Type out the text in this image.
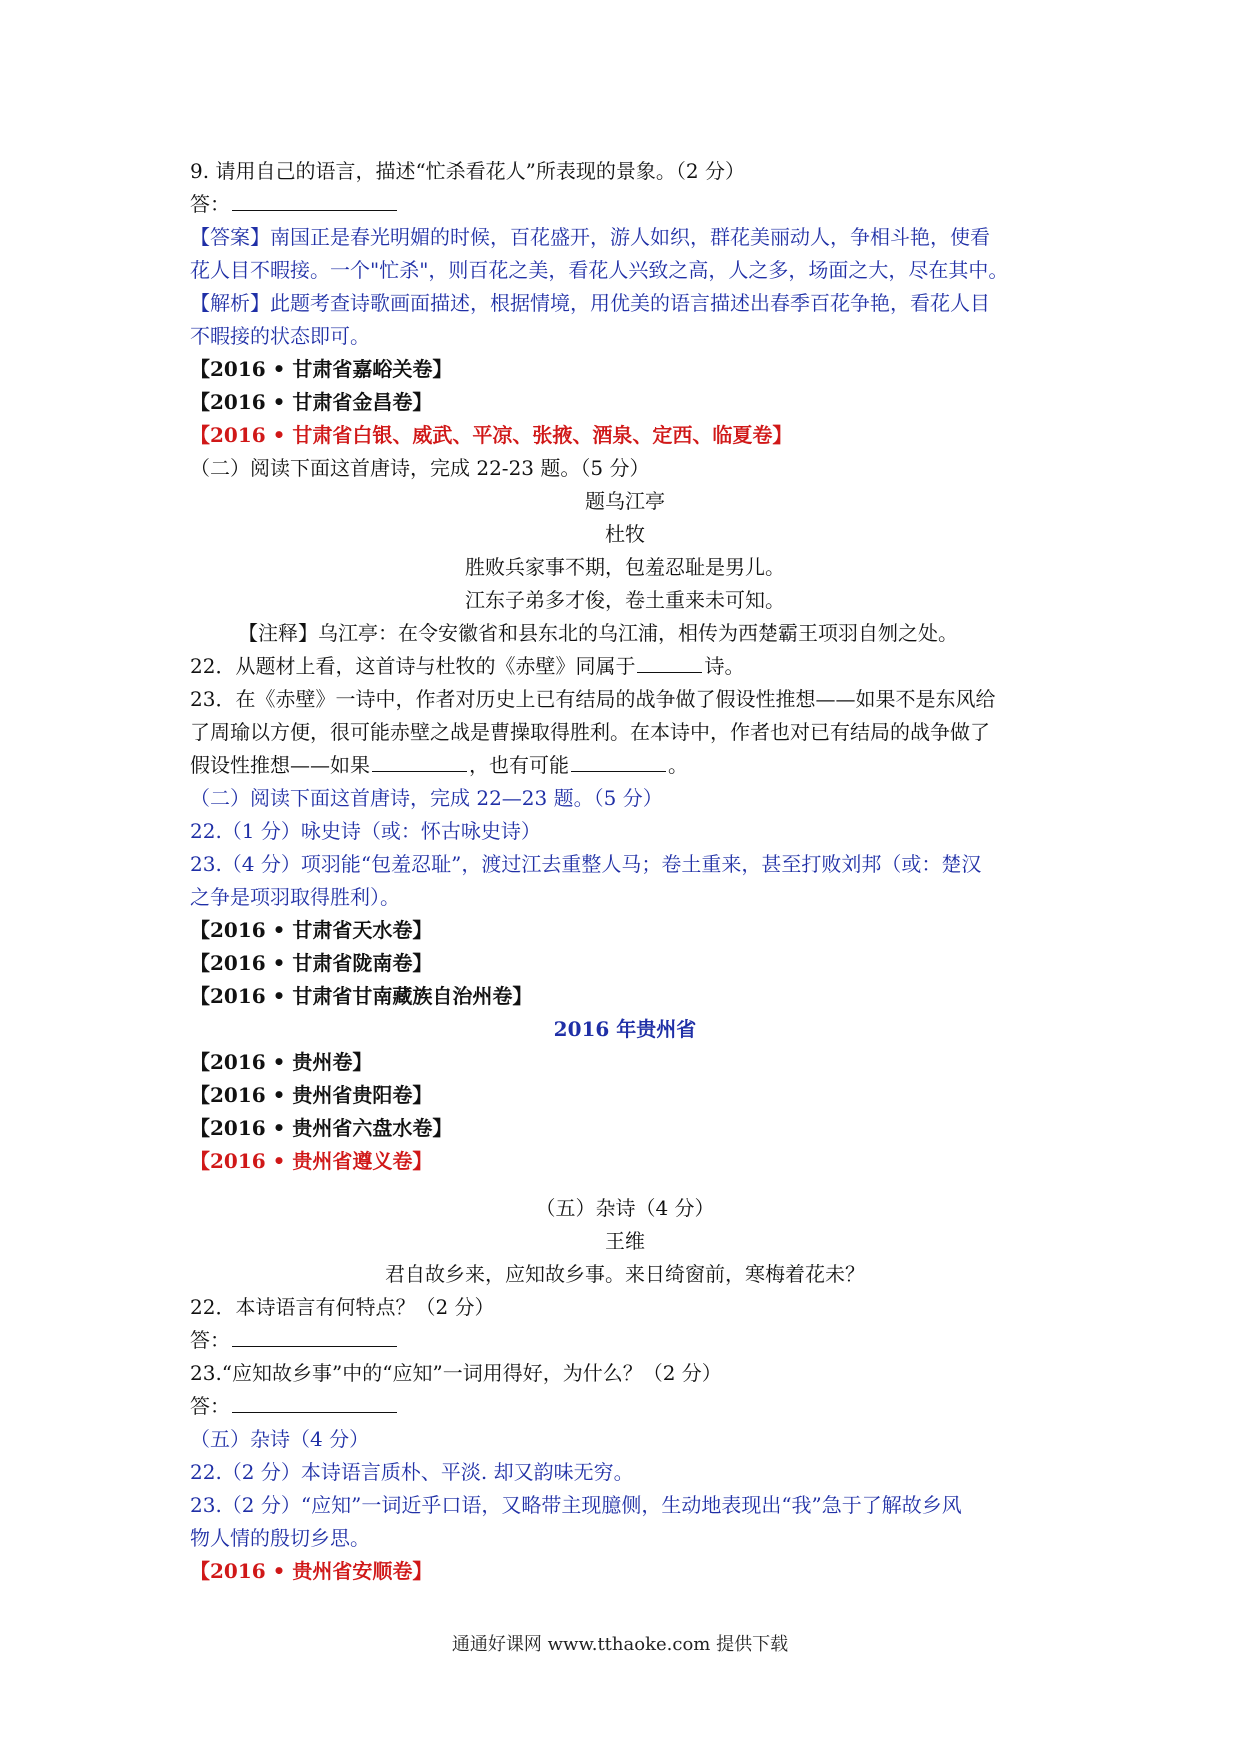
9. 请用自己的语言，描述“忙杀看花人”所表现的景象。（2 分）
答：
【答案】南国正是春光明媚的时候，百花盛开，游人如织，群花美丽动人，争相斗艳，使看
花人目不暇接。一个"忙杀"，则百花之美，看花人兴致之高，人之多，场面之大，尽在其中。
【解析】此题考查诗歌画面描述，根据情境，用优美的语言描述出春季百花争艳，看花人目
不暇接的状态即可。
【2016 • 甘肃省嘉峪关卷】
【2016 • 甘肃省金昌卷】
【2016 • 甘肃省白银、威武、平凉、张掖、酒泉、定西、临夏卷】
（二）阅读下面这首唐诗，完成 22-23 题。（5 分）
题乌江亭
杜牧
胜败兵家事不期，包羞忍耻是男儿。
江东子弟多才俊，卷土重来未可知。
【注释】乌江亭：在令安徽省和县东北的乌江浦，相传为西楚霸王项羽自刎之处。
22．从题材上看，这首诗与杜牧的《赤壁》同属于	诗。
23．在《赤壁》一诗中，作者对历史上已有结局的战争做了假设性推想——如果不是东风给
了周瑜以方便，很可能赤壁之战是曹操取得胜利。在本诗中，作者也对已有结局的战争做了
假设性推想——如果	，也有可能	。
（二）阅读下面这首唐诗，完成 22—23 题。（5 分）
22.（1 分）咏史诗（或：怀古咏史诗）
23.（4 分）项羽能“包羞忍耻”，渡过江去重整人马；卷土重来，甚至打败刘邦（或：楚汉
之争是项羽取得胜利）。
【2016 • 甘肃省天水卷】
【2016 • 甘肃省陇南卷】
【2016 • 甘肃省甘南藏族自治州卷】
2016 年贵州省
【2016 • 贵州卷】
【2016 • 贵州省贵阳卷】
【2016 • 贵州省六盘水卷】
【2016 • 贵州省遵义卷】
（五）杂诗（4 分）
王维
君自故乡来，应知故乡事。来日绮窗前，寒梅着花未？
22．本诗语言有何特点？（2 分）
答：
23.“应知故乡事”中的“应知”一词用得好，为什么？（2 分）
答：
（五）杂诗（4 分）
22.（2 分）本诗语言质朴、平淡. 却又韵味无穷。
23.（2 分）“应知”一词近乎口语，又略带主现臆侧，生动地表现出“我”急于了解故乡风
物人情的殷切乡思。
【2016 • 贵州省安顺卷】
通通好课网 www.tthaoke.com 提供下载
